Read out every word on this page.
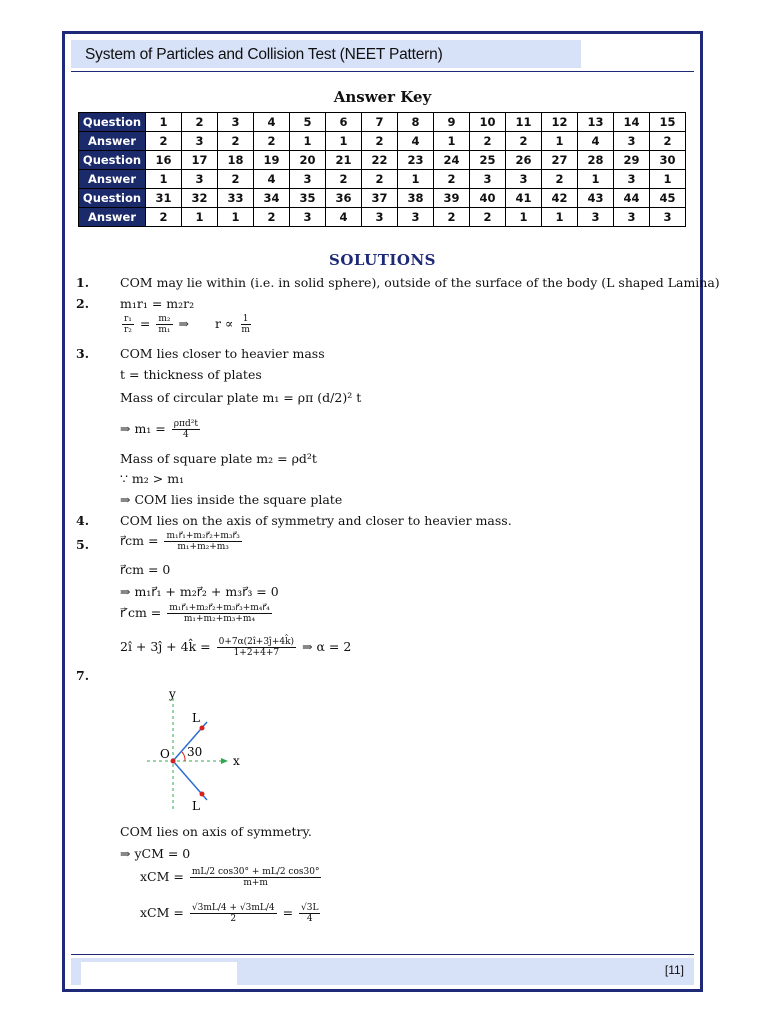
System of Particles and Collision Test (NEET Pattern)
Answer Key
Question	1	2	3	4	5	6	7	8	9	10	11	12	13	14	15
Answer	2	3	2	2	1	1	2	4	1	2	2	1	4	3	2
Question	16	17	18	19	20	21	22	23	24	25	26	27	28	29	30
Answer	1	3	2	4	3	2	2	1	2	3	3	2	1	3	1
Question	31	32	33	34	35	36	37	38	39	40	41	42	43	44	45
Answer	2	1	1	2	3	4	3	3	2	2	1	1	3	3	3
SOLUTIONS
1. COM may lie within (i.e. in solid sphere), outside of the surface of the body (L shaped Lamina)
2. m₁r₁ = m₂r₂
$\frac{\text{r₁}}{\text{r₂}} = \frac{\text{m₂}}{\text{m₁}}$ ⇒ $r \propto \frac{1}{m}$
3. COM lies closer to heavier mass
t = thickness of plates
Mass of circular plate m₁ = ρπ (d/2)² t
⇒ $m_1 = \frac{\text{ρπd²t}}{4}$
Mass of square plate m₂ = ρd²t
∵ m₂ > m₁
⇒ COM lies inside the square plate
4. COM lies on the axis of symmetry and closer to heavier mass.
5. r⃗cm = $\frac{\text{m₁r⃗₁+m₂r⃗₂+m₃r⃗₃}}{\text{m₁+m₂+m₃}}$
r⃗cm = 0
⇒ m₁r⃗₁ + m₂r⃗₂ + m₃r⃗₃ = 0
r⃗′cm = $\frac{\text{m₁r⃗₁+m₂r⃗₂+m₃r⃗₃+m₄r⃗₄}}{\text{m₁+m₂+m₃+m₄}}$
2î + 3ĵ + 4k̂ = $\frac{0+7\alpha(2î+3ĵ+4k̂)}{1+2+4+7}$ ⇒ α = 2
7.
y
x
O 30
L
L
COM lies on axis of symmetry.
⇒ yCM = 0
xCM = $\frac{mL/2 \cos 30^\circ + mL/2 \cos 30^\circ}{m+m}$
xCM = $\frac{√3mL/4 + √3mL/4}{2} = \frac{√3L}{4}$
[11]
